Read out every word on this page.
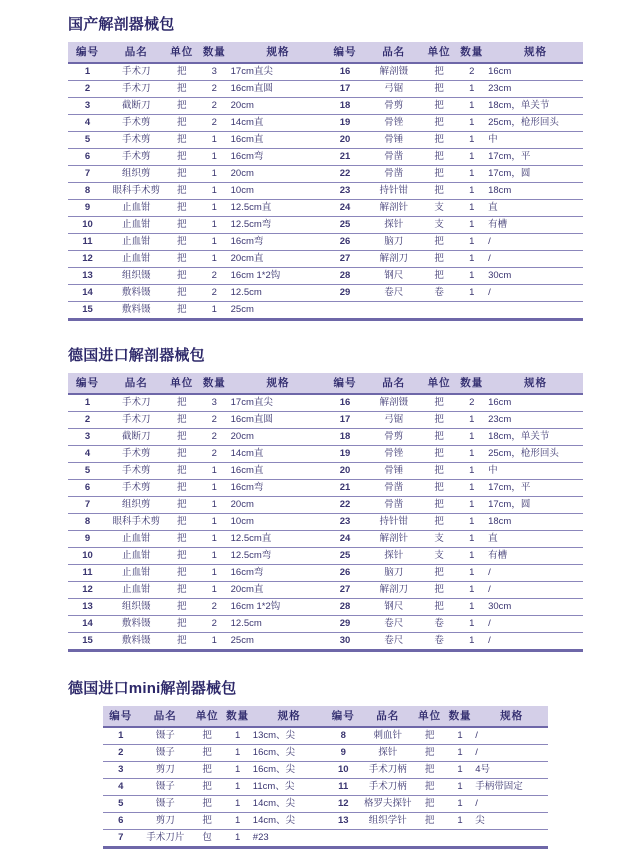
国产解剖器械包
编号	品名	单位	数量	规格	编号	品名	单位	数量	规格
1	手术刀	把	3	17cm直尖	16	解剖镊	把	2	16cm
2	手术刀	把	2	16cm直圆	17	弓锯	把	1	23cm
3	截断刀	把	2	20cm	18	骨剪	把	1	18cm，单关节
4	手术剪	把	2	14cm直	19	骨锉	把	1	25cm，枪形回头
5	手术剪	把	1	16cm直	20	骨锤	把	1	中
6	手术剪	把	1	16cm弯	21	骨凿	把	1	17cm，平
7	组织剪	把	1	20cm	22	骨凿	把	1	17cm，圆
8	眼科手术剪	把	1	10cm	23	持针钳	把	1	18cm
9	止血钳	把	1	12.5cm直	24	解剖针	支	1	直
10	止血钳	把	1	12.5cm弯	25	探针	支	1	有槽
11	止血钳	把	1	16cm弯	26	脑刀	把	1	/
12	止血钳	把	1	20cm直	27	解剖刀	把	1	/
13	组织镊	把	2	16cm 1*2钩	28	钢尺	把	1	30cm
14	敷料镊	把	2	12.5cm	29	卷尺	卷	1	/
15	敷料镊	把	1	25cm					
德国进口解剖器械包
编号	品名	单位	数量	规格	编号	品名	单位	数量	规格
1	手术刀	把	3	17cm直尖	16	解剖镊	把	2	16cm
2	手术刀	把	2	16cm直圆	17	弓锯	把	1	23cm
3	截断刀	把	2	20cm	18	骨剪	把	1	18cm，单关节
4	手术剪	把	2	14cm直	19	骨锉	把	1	25cm，枪形回头
5	手术剪	把	1	16cm直	20	骨锤	把	1	中
6	手术剪	把	1	16cm弯	21	骨凿	把	1	17cm，平
7	组织剪	把	1	20cm	22	骨凿	把	1	17cm，圆
8	眼科手术剪	把	1	10cm	23	持针钳	把	1	18cm
9	止血钳	把	1	12.5cm直	24	解剖针	支	1	直
10	止血钳	把	1	12.5cm弯	25	探针	支	1	有槽
11	止血钳	把	1	16cm弯	26	脑刀	把	1	/
12	止血钳	把	1	20cm直	27	解剖刀	把	1	/
13	组织镊	把	2	16cm 1*2钩	28	钢尺	把	1	30cm
14	敷料镊	把	2	12.5cm	29	卷尺	卷	1	/
15	敷料镊	把	1	25cm	30	卷尺	卷	1	/
德国进口mini解剖器械包
编号	品名	单位	数量	规格	编号	品名	单位	数量	规格
1	镊子	把	1	13cm、尖	8	刺血针	把	1	/
2	镊子	把	1	16cm、尖	9	探针	把	1	/
3	剪刀	把	1	16cm、尖	10	手术刀柄	把	1	4号
4	镊子	把	1	11cm、尖	11	手术刀柄	把	1	手柄带固定
5	镊子	把	1	14cm、尖	12	格罗夫探针	把	1	/
6	剪刀	把	1	14cm、尖	13	组织学针	把	1	尖
7	手术刀片	包	1	#23					
